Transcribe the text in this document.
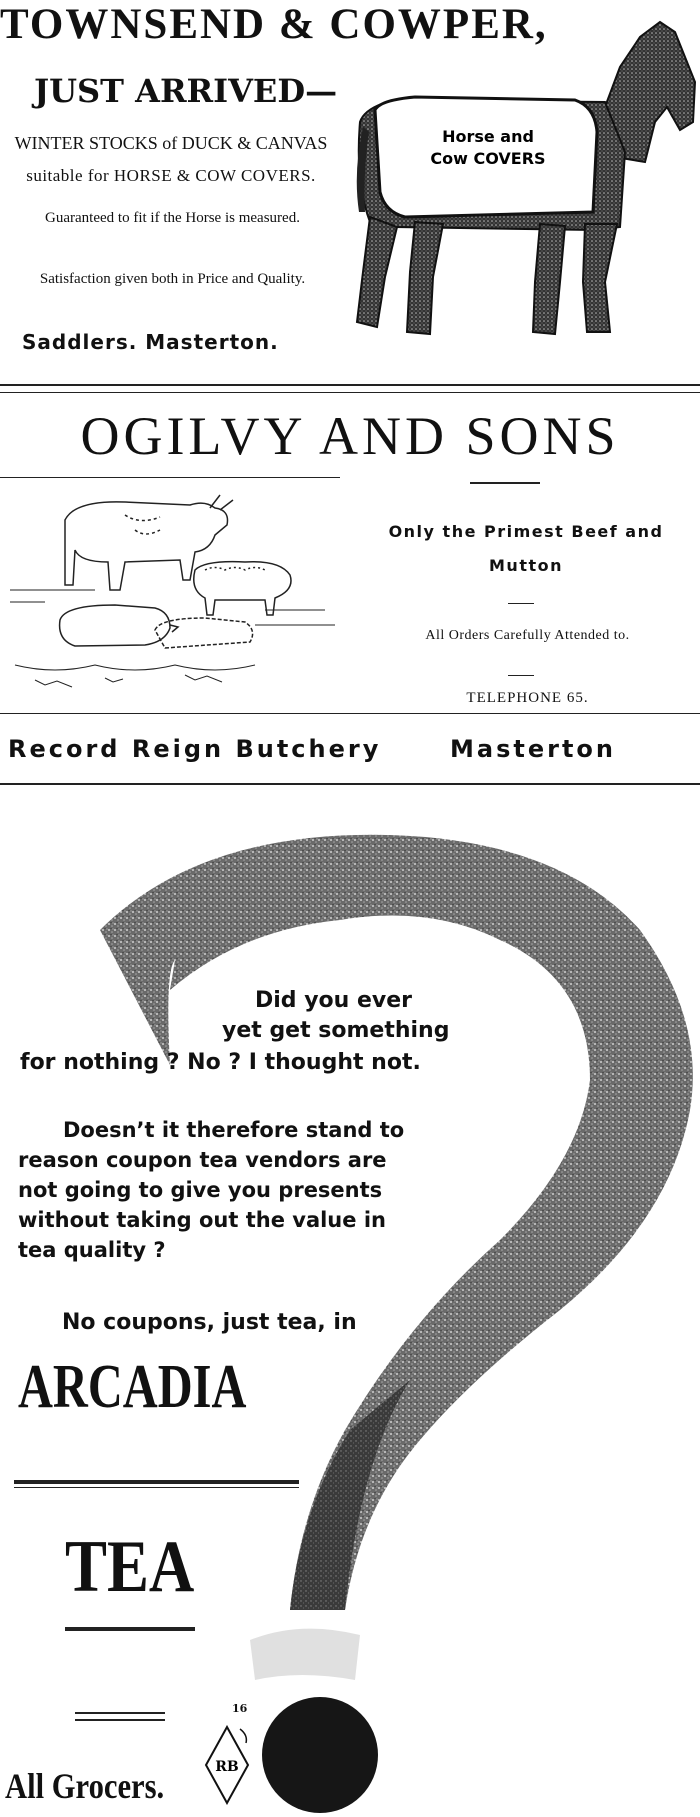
TOWNSEND & COWPER,
JUST ARRIVED—
WINTER STOCKS of DUCK & CANVAS
suitable for HORSE & COW COVERS.
Guaranteed to fit if the Horse is measured.
Satisfaction given both in Price and Quality.
Saddlers. Masterton.
Horse and
Cow COVERS
OGILVY AND SONS
Only the Primest Beef and Mutton
All Orders Carefully Attended to.
TELEPHONE 65.
Record Reign Butchery	Masterton
Did you ever
yet get something
for nothing ? No ? I thought not.
Doesn’t it therefore stand to
reason coupon tea vendors are
not going to give you presents
without taking out the value in
tea quality ?
No coupons, just tea, in
ARCADIA
TEA
16
RB
All Grocers.
